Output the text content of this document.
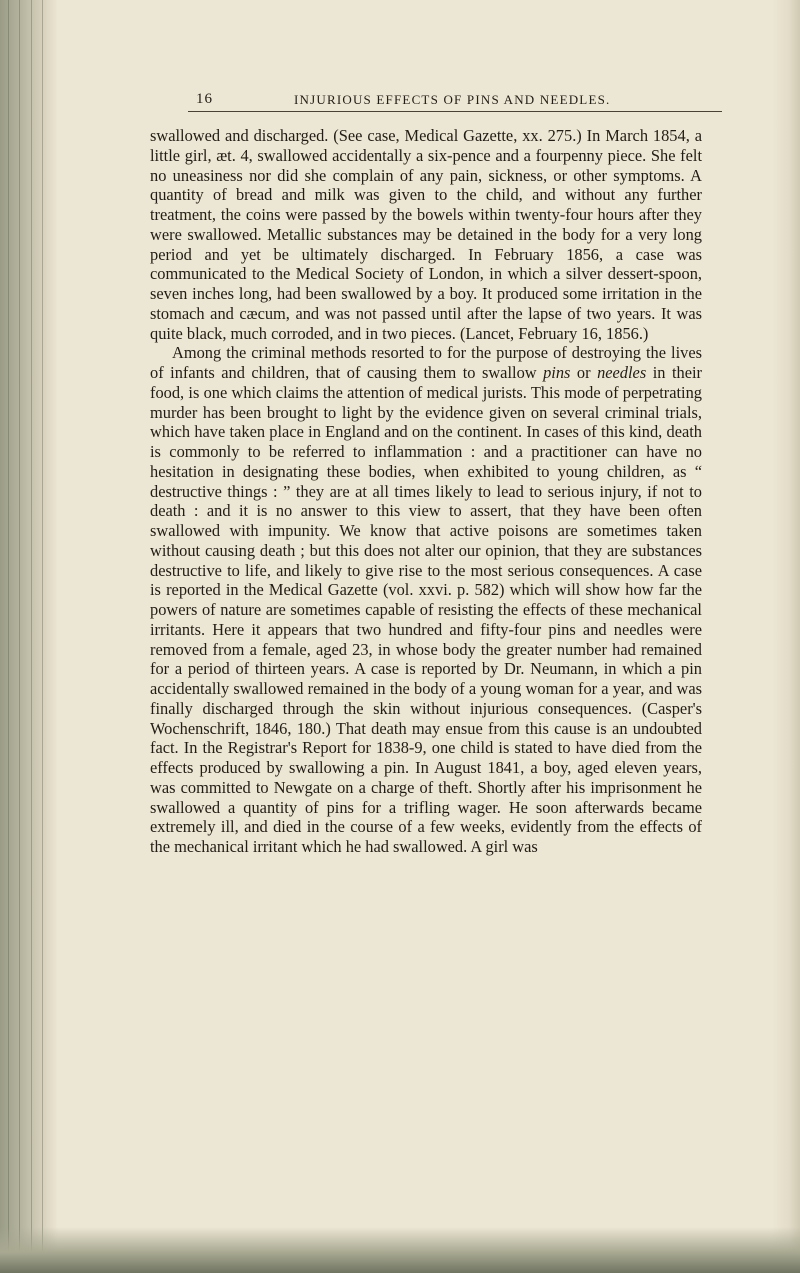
16	INJURIOUS EFFECTS OF PINS AND NEEDLES.

swallowed and discharged. (See case, Medical Gazette, xx. 275.) In March 1854, a little girl, æt. 4, swallowed accidentally a six-pence and a fourpenny piece. She felt no uneasiness nor did she complain of any pain, sickness, or other symptoms. A quantity of bread and milk was given to the child, and without any further treatment, the coins were passed by the bowels within twenty-four hours after they were swallowed. Metallic substances may be detained in the body for a very long period and yet be ultimately discharged. In February 1856, a case was communicated to the Medical Society of London, in which a silver dessert-spoon, seven inches long, had been swallowed by a boy. It produced some irritation in the stomach and cæcum, and was not passed until after the lapse of two years. It was quite black, much corroded, and in two pieces. (Lancet, February 16, 1856.)

Among the criminal methods resorted to for the purpose of destroying the lives of infants and children, that of causing them to swallow pins or needles in their food, is one which claims the attention of medical jurists. This mode of perpetrating murder has been brought to light by the evidence given on several criminal trials, which have taken place in England and on the continent. In cases of this kind, death is commonly to be referred to inflammation : and a practitioner can have no hesitation in designating these bodies, when exhibited to young children, as “ destructive things : ” they are at all times likely to lead to serious injury, if not to death : and it is no answer to this view to assert, that they have been often swallowed with impunity. We know that active poisons are sometimes taken without causing death ; but this does not alter our opinion, that they are substances destructive to life, and likely to give rise to the most serious consequences. A case is reported in the Medical Gazette (vol. xxvi. p. 582) which will show how far the powers of nature are sometimes capable of resisting the effects of these mechanical irritants. Here it appears that two hundred and fifty-four pins and needles were removed from a female, aged 23, in whose body the greater number had remained for a period of thirteen years. A case is reported by Dr. Neumann, in which a pin accidentally swallowed remained in the body of a young woman for a year, and was finally discharged through the skin without injurious consequences. (Casper's Wochenschrift, 1846, 180.) That death may ensue from this cause is an undoubted fact. In the Registrar's Report for 1838-9, one child is stated to have died from the effects produced by swallowing a pin. In August 1841, a boy, aged eleven years, was committed to Newgate on a charge of theft. Shortly after his imprisonment he swallowed a quantity of pins for a trifling wager. He soon afterwards became extremely ill, and died in the course of a few weeks, evidently from the effects of the mechanical irritant which he had swallowed. A girl was
